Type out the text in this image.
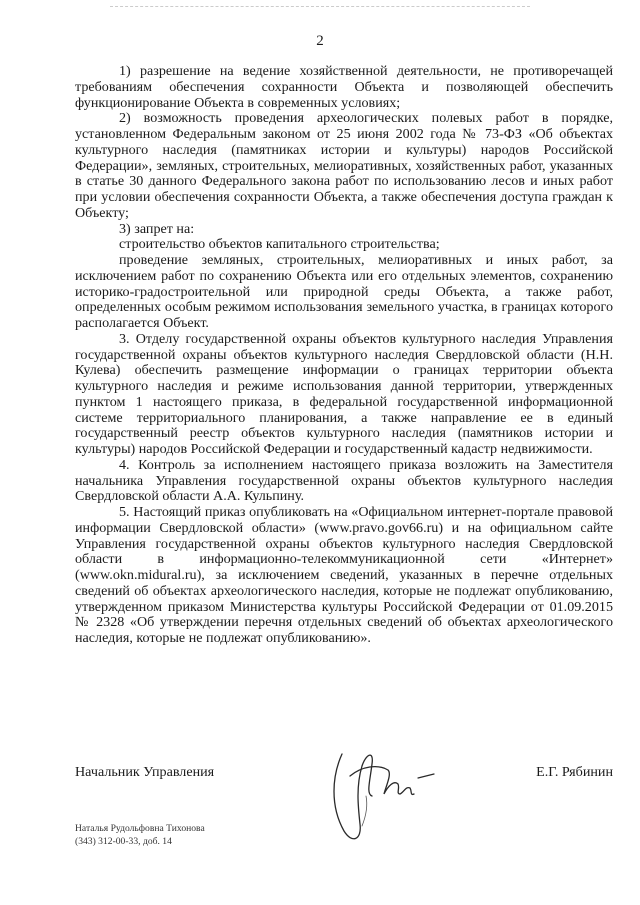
2

1) разрешение на ведение хозяйственной деятельности, не противоречащей требованиям обеспечения сохранности Объекта и позволяющей обеспечить функционирование Объекта в современных условиях;

2) возможность проведения археологических полевых работ в порядке, установленном Федеральным законом от 25 июня 2002 года № 73-ФЗ «Об объектах культурного наследия (памятниках истории и культуры) народов Российской Федерации», земляных, строительных, мелиоративных, хозяйственных работ, указанных в статье 30 данного Федерального закона работ по использованию лесов и иных работ при условии обеспечения сохранности Объекта, а также обеспечения доступа граждан к Объекту;

3) запрет на:

строительство объектов капитального строительства;

проведение земляных, строительных, мелиоративных и иных работ, за исключением работ по сохранению Объекта или его отдельных элементов, сохранению историко-градостроительной или природной среды Объекта, а также работ, определенных особым режимом использования земельного участка, в границах которого располагается Объект.

3. Отделу государственной охраны объектов культурного наследия Управления государственной охраны объектов культурного наследия Свердловской области (Н.Н. Кулева) обеспечить размещение информации о границах территории объекта культурного наследия и режиме использования данной территории, утвержденных пунктом 1 настоящего приказа, в федеральной государственной информационной системе территориального планирования, а также направление ее в единый государственный реестр объектов культурного наследия (памятников истории и культуры) народов Российской Федерации и государственный кадастр недвижимости.

4. Контроль за исполнением настоящего приказа возложить на Заместителя начальника Управления государственной охраны объектов культурного наследия Свердловской области А.А. Кульпину.

5. Настоящий приказ опубликовать на «Официальном интернет-портале правовой информации Свердловской области» (www.pravo.gov66.ru) и на официальном сайте Управления государственной охраны объектов культурного наследия Свердловской области в информационно-телекоммуникационной сети «Интернет» (www.okn.midural.ru), за исключением сведений, указанных в перечне отдельных сведений об объектах археологического наследия, которые не подлежат опубликованию, утвержденном приказом Министерства культуры Российской Федерации от 01.09.2015 № 2328 «Об утверждении перечня отдельных сведений об объектах археологического наследия, которые не подлежат опубликованию».

Начальник Управления	Е.Г. Рябинин
Наталья Рудольфовна Тихонова
(343) 312-00-33, доб. 14
